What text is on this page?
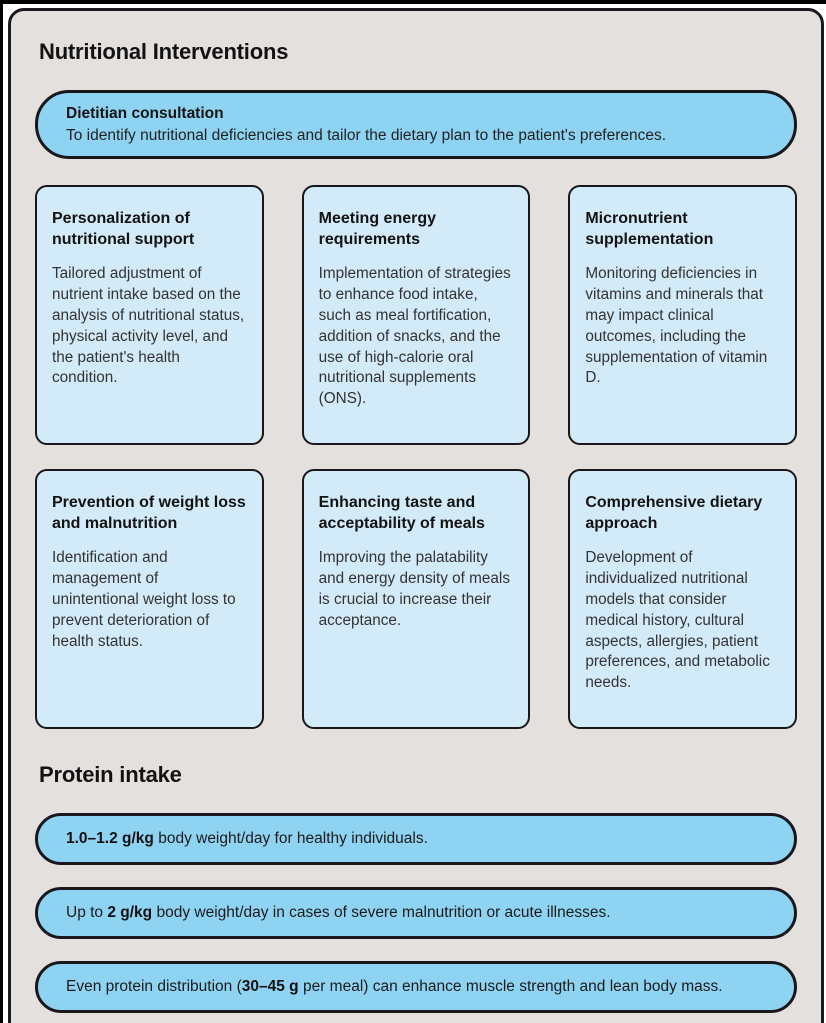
Nutritional Interventions
Dietitian consultation
To identify nutritional deficiencies and tailor the dietary plan to the patient's preferences.

Personalization of nutritional support

Tailored adjustment of nutrient intake based on the analysis of nutritional status, physical activity level, and the patient's health condition.

Meeting energy requirements

Implementation of strategies to enhance food intake, such as meal fortification, addition of snacks, and the use of high-calorie oral nutritional supplements (ONS).

Micronutrient supplementation

Monitoring deficiencies in vitamins and minerals that may impact clinical outcomes, including the supplementation of vitamin D.

Prevention of weight loss and malnutrition

Identification and management of unintentional weight loss to prevent deterioration of health status.

Enhancing taste and acceptability of meals

Improving the palatability and energy density of meals is crucial to increase their acceptance.

Comprehensive dietary approach

Development of individualized nutritional models that consider medical history, cultural aspects, allergies, patient preferences, and metabolic needs.

Protein intake
1.0–1.2 g/kg body weight/day for healthy individuals.
Up to 2 g/kg body weight/day in cases of severe malnutrition or acute illnesses.
Even protein distribution ( 30–45 g per meal) can enhance muscle strength and lean body mass.
